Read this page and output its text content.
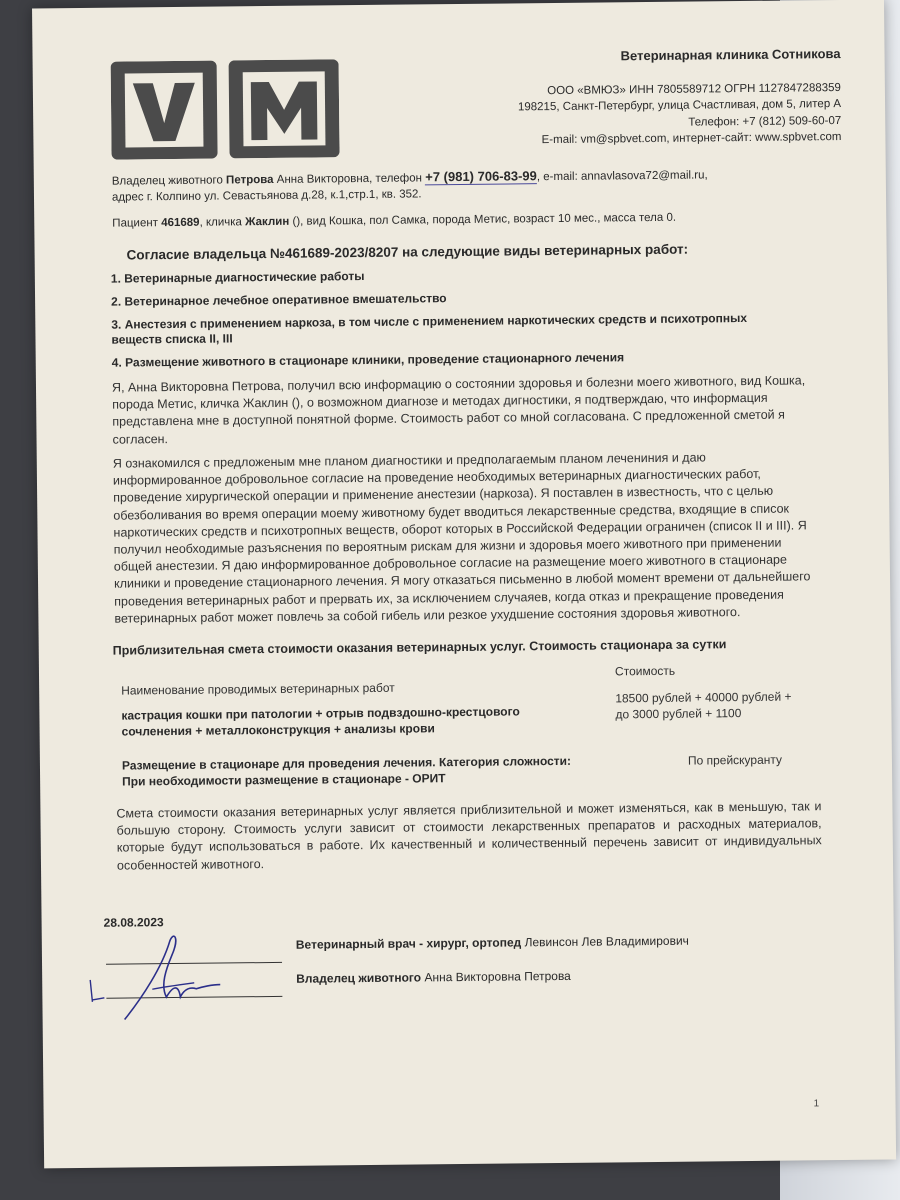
Ветеринарная клиника Сотникова
ООО «ВМЮЗ» ИНН 7805589712 ОГРН 1127847288359
198215, Санкт-Петербург, улица Счастливая, дом 5, литер А
Телефон: +7 (812) 509-60-07
E-mail: vm@spbvet.com, интернет-сайт: www.spbvet.com
Владелец животного Петрова Анна Викторовна, телефон +7 (981) 706-83-99, e-mail: annavlasova72@mail.ru,
адрес г. Колпино ул. Севастьянова д.28, к.1,стр.1, кв. 352.
Пациент 461689, кличка Жаклин (), вид Кошка, пол Самка, порода Метис, возраст 10 мес., масса тела 0.
Согласие владельца №461689-2023/8207 на следующие виды ветеринарных работ:
1. Ветеринарные диагностические работы
2. Ветеринарное лечебное оперативное вмешательство
3. Анестезия с применением наркоза, в том числе с применением наркотических средств и психотропных веществ списка II, III
4. Размещение животного в стационаре клиники, проведение стационарного лечения
Я, Анна Викторовна Петрова, получил всю информацию о состоянии здоровья и болезни моего животного, вид Кошка, порода Метис, кличка Жаклин (), о возможном диагнозе и методах дигностики, я подтверждаю, что информация представлена мне в доступной понятной форме. Стоимость работ со мной согласована. С предложенной сметой я согласен.
Я ознакомился с предложеным мне планом диагностики и предполагаемым планом лечениния и даю информированное добровольное согласие на проведение необходимых ветеринарных диагностических работ, проведение хирургической операции и применение анестезии (наркоза). Я поставлен в известность, что с целью обезболивания во время операции моему животному будет вводиться лекарственные средства, входящие в список наркотических средств и психотропных веществ, оборот которых в Российской Федерации ограничен (список II и III). Я получил необходимые разъяснения по вероятным рискам для жизни и здоровья моего животного при применении общей анестезии. Я даю информированное добровольное согласие на размещение моего животного в стационаре клиники и проведение стационарного лечения. Я могу отказаться письменно в любой момент времени от дальнейшего проведения ветеринарных работ и прервать их, за исключением случаяев, когда отказ и прекращение проведения ветеринарных работ может повлечь за собой гибель или резкое ухудшение состояния здоровья животного.
Приблизительная смета стоимости оказания ветеринарных услуг. Стоимость стационара за сутки
Наименование проводимых ветеринарных работ
Стоимость
кастрация кошки при патологии + отрыв подвздошно-крестцового сочленения + металлоконструкция + анализы крови
18500 рублей + 40000 рублей + до 3000 рублей + 1100
Размещение в стационаре для проведения лечения. Категория сложности: При необходимости размещение в стационаре - ОРИТ
По прейскуранту
Смета стоимости оказания ветеринарных услуг является приблизительной и может изменяться, как в меньшую, так и большую сторону. Стоимость услуги зависит от стоимости лекарственных препаратов и расходных материалов, которые будут использоваться в работе. Их качественный и количественный перечень зависит от индивидуальных особенностей животного.
28.08.2023
Ветеринарный врач - хирург, ортопед Левинсон Лев Владимирович
Владелец животного Анна Викторовна Петрова
1
